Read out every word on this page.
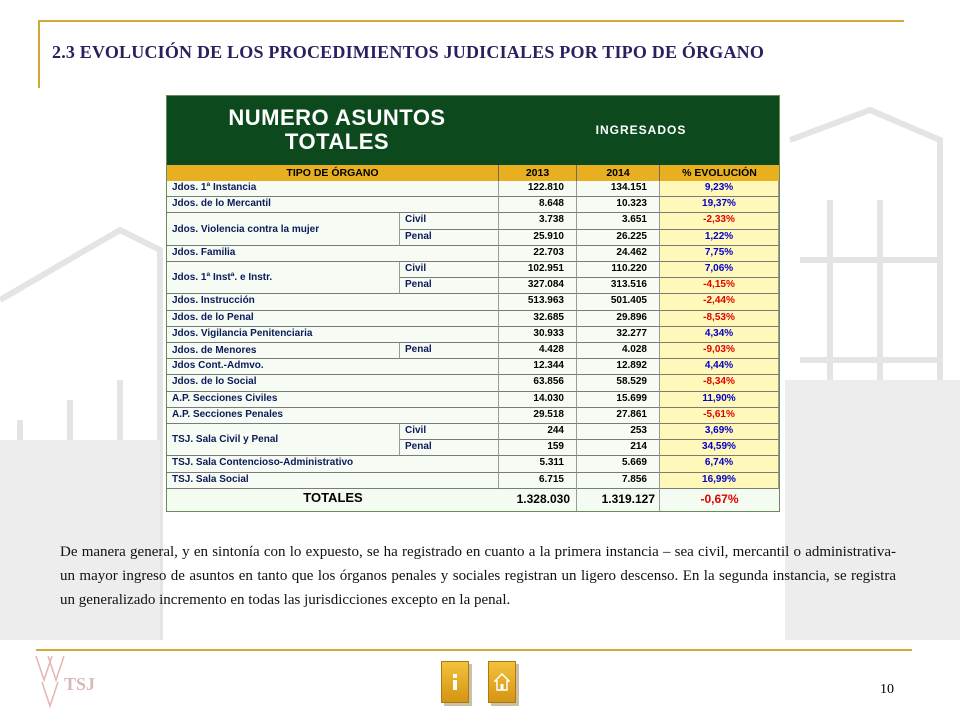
2.3 EVOLUCIÓN DE LOS PROCEDIMIENTOS JUDICIALES POR TIPO DE ÓRGANO
NUMERO ASUNTOS
TOTALES	INGRESADOS
TIPO DE ÓRGANO	2013	2014	% EVOLUCIÓN
Jdos. 1ª Instancia	122.810	134.151	9,23%
Jdos. de lo Mercantil	8.648	10.323	19,37%
Jdos. Violencia contra la mujer
Civil	3.738	3.651	-2,33%
Penal	25.910	26.225	1,22%
Jdos. Familia	22.703	24.462	7,75%
Jdos. 1ª Instª. e Instr.
Civil	102.951	110.220	7,06%
Penal	327.084	313.516	-4,15%
Jdos. Instrucción	513.963	501.405	-2,44%
Jdos. de lo Penal	32.685	29.896	-8,53%
Jdos. Vigilancia Penitenciaria	30.933	32.277	4,34%
Jdos. de Menores	Penal	4.428	4.028	-9,03%
Jdos Cont.-Admvo.	12.344	12.892	4,44%
Jdos. de lo Social	63.856	58.529	-8,34%
A.P. Secciones Civiles	14.030	15.699	11,90%
A.P. Secciones Penales	29.518	27.861	-5,61%
TSJ. Sala Civil y Penal
Civil	244	253	3,69%
Penal	159	214	34,59%
TSJ. Sala Contencioso-Administrativo	5.311	5.669	6,74%
TSJ. Sala Social	6.715	7.856	16,99%
TOTALES	1.328.030	1.319.127	-0,67%
De manera general, y en sintonía con lo expuesto, se ha registrado en cuanto a la primera instancia – sea civil, mercantil o administrativa- un mayor ingreso de asuntos en tanto que los órganos penales y sociales registran un ligero descenso. En la segunda instancia, se registra un generalizado incremento en todas las jurisdicciones excepto en la penal.
TSJ	10
